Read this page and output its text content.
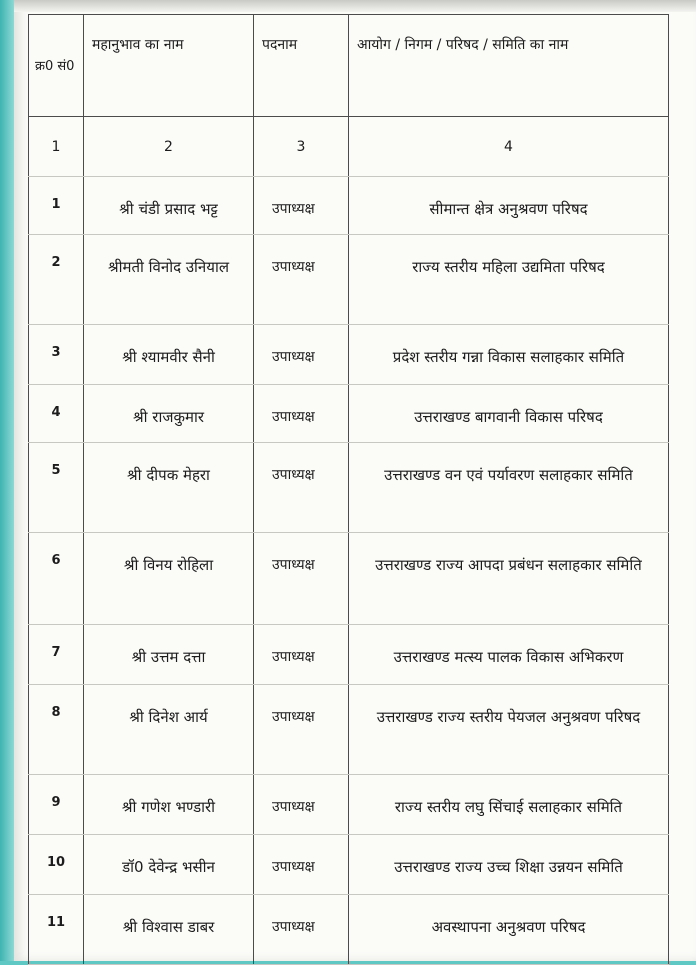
क्र0 सं0	महानुभाव का नाम	पदनाम	आयोग / निगम / परिषद / समिति का नाम

1	2	3	4
1	श्री चंडी प्रसाद भट्ट	उपाध्यक्ष	सीमान्त क्षेत्र अनुश्रवण परिषद
2	श्रीमती विनोद उनियाल	उपाध्यक्ष	राज्य स्तरीय महिला उद्यमिता परिषद
3	श्री श्यामवीर सैनी	उपाध्यक्ष	प्रदेश स्तरीय गन्ना विकास सलाहकार समिति
4	श्री राजकुमार	उपाध्यक्ष	उत्तराखण्ड बागवानी विकास परिषद
5	श्री दीपक मेहरा	उपाध्यक्ष	उत्तराखण्ड वन एवं पर्यावरण सलाहकार समिति
6	श्री विनय रोहिला	उपाध्यक्ष	उत्तराखण्ड राज्य आपदा प्रबंधन सलाहकार समिति
7	श्री उत्तम दत्ता	उपाध्यक्ष	उत्तराखण्ड मत्स्य पालक विकास अभिकरण
8	श्री दिनेश आर्य	उपाध्यक्ष	उत्तराखण्ड राज्य स्तरीय पेयजल अनुश्रवण परिषद
9	श्री गणेश भण्डारी	उपाध्यक्ष	राज्य स्तरीय लघु सिंचाई सलाहकार समिति
10	डॉ0 देवेन्द्र भसीन	उपाध्यक्ष	उत्तराखण्ड राज्य उच्च शिक्षा उन्नयन समिति
11	श्री विश्वास डाबर	उपाध्यक्ष	अवस्थापना अनुश्रवण परिषद
